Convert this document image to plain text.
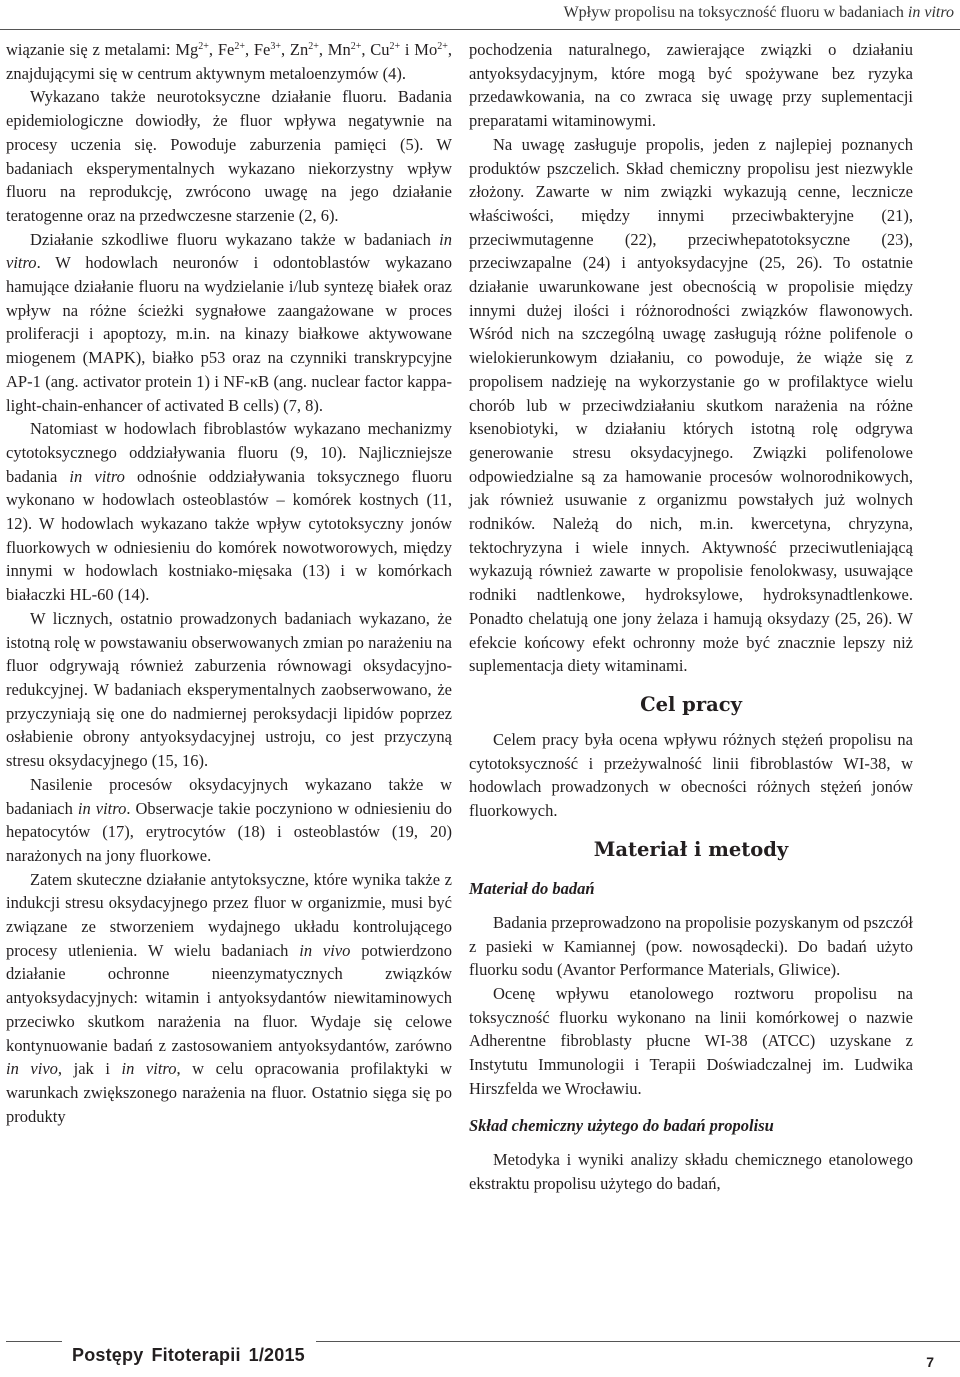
Wpływ propolisu na toksyczność fluoru w badaniach in vitro

wiązanie się z metalami: $Mg^{2+}$, $Fe^{2+}$, $Fe^{3+}$, $Zn^{2+}$, $Mn^{2+}$, $Cu^{2+}$ i $Mo^{2+}$, znajdującymi się w centrum aktywnym metaloenzymów (4).

Wykazano także neurotoksyczne działanie fluoru. Badania epidemiologiczne dowiodły, że fluor wpływa negatywnie na procesy uczenia się. Powoduje zaburzenia pamięci (5). W badaniach eksperymentalnych wykazano niekorzystny wpływ fluoru na reprodukcję, zwrócono uwagę na jego działanie teratogenne oraz na przedwczesne starzenie (2, 6).

Działanie szkodliwe fluoru wykazano także w badaniach in vitro. W hodowlach neuronów i odontoblastów wykazano hamujące działanie fluoru na wydzielanie i/lub syntezę białek oraz wpływ na różne ścieżki sygnałowe zaangażowane w proces proliferacji i apoptozy, m.in. na kinazy białkowe aktywowane miogenem (MAPK), białko p53 oraz na czynniki transkrypcyjne AP-1 (ang. activator protein 1) i NF-κB (ang. nuclear factor kappa-light-chain-enhancer of activated B cells) (7, 8).

Natomiast w hodowlach fibroblastów wykazano mechanizmy cytotoksycznego oddziaływania fluoru (9, 10). Najliczniejsze badania in vitro odnośnie oddziaływania toksycznego fluoru wykonano w hodowlach osteoblastów – komórek kostnych (11, 12). W hodowlach wykazano także wpływ cytotoksyczny jonów fluorkowych w odniesieniu do komórek nowotworowych, między innymi w hodowlach kostniako-mięsaka (13) i w komórkach białaczki HL-60 (14).

W licznych, ostatnio prowadzonych badaniach wykazano, że istotną rolę w powstawaniu obserwowanych zmian po narażeniu na fluor odgrywają również zaburzenia równowagi oksydacyjno-redukcyjnej. W badaniach eksperymentalnych zaobserwowano, że przyczyniają się one do nadmiernej peroksydacji lipidów poprzez osłabienie obrony antyoksydacyjnej ustroju, co jest przyczyną stresu oksydacyjnego (15, 16).

Nasilenie procesów oksydacyjnych wykazano także w badaniach in vitro. Obserwacje takie poczyniono w odniesieniu do hepatocytów (17), erytrocytów (18) i osteoblastów (19, 20) narażonych na jony fluorkowe.

Zatem skuteczne działanie antytoksyczne, które wynika także z indukcji stresu oksydacyjnego przez fluor w organizmie, musi być związane ze stworzeniem wydajnego układu kontrolującego procesy utlenienia. W wielu badaniach in vivo potwierdzono działanie ochronne nieenzymatycznych związków antyoksydacyjnych: witamin i antyoksydantów niewitaminowych przeciwko skutkom narażenia na fluor. Wydaje się celowe kontynuowanie badań z zastosowaniem antyoksydantów, zarówno in vivo, jak i in vitro, w celu opracowania profilaktyki w warunkach zwiększonego narażenia na fluor. Ostatnio sięga się po produkty

pochodzenia naturalnego, zawierające związki o działaniu antyoksydacyjnym, które mogą być spożywane bez ryzyka przedawkowania, na co zwraca się uwagę przy suplementacji preparatami witaminowymi.

Na uwagę zasługuje propolis, jeden z najlepiej poznanych produktów pszczelich. Skład chemiczny propolisu jest niezwykle złożony. Zawarte w nim związki wykazują cenne, lecznicze właściwości, między innymi przeciwbakteryjne (21), przeciwmutagenne (22), przeciwhepatotoksyczne (23), przeciwzapalne (24) i antyoksydacyjne (25, 26). To ostatnie działanie uwarunkowane jest obecnością w propolisie między innymi dużej ilości i różnorodności związków flawonowych. Wśród nich na szczególną uwagę zasługują różne polifenole o wielokierunkowym działaniu, co powoduje, że wiąże się z propolisem nadzieję na wykorzystanie go w profilaktyce wielu chorób lub w przeciwdziałaniu skutkom narażenia na różne ksenobiotyki, w działaniu których istotną rolę odgrywa generowanie stresu oksydacyjnego. Związki polifenolowe odpowiedzialne są za hamowanie procesów wolnorodnikowych, jak również usuwanie z organizmu powstałych już wolnych rodników. Należą do nich, m.in. kwercetyna, chryzyna, tektochryzyna i wiele innych. Aktywność przeciwutleniającą wykazują również zawarte w propolisie fenolokwasy, usuwające rodniki nadtlenkowe, hydroksylowe, hydroksynadtlenkowe. Ponadto chelatują one jony żelaza i hamują oksydazy (25, 26). W efekcie końcowy efekt ochronny może być znacznie lepszy niż suplementacja diety witaminami.

Cel pracy

Celem pracy była ocena wpływu różnych stężeń propolisu na cytotoksyczność i przeżywalność linii fibroblastów WI-38, w hodowlach prowadzonych w obecności różnych stężeń jonów fluorkowych.

Materiał i metody
Materiał do badań

Badania przeprowadzono na propolisie pozyskanym od pszczół z pasieki w Kamiannej (pow. nowosądecki). Do badań użyto fluorku sodu (Avantor Performance Materials, Gliwice).

Ocenę wpływu etanolowego roztworu propolisu na toksyczność fluorku wykonano na linii komórkowej o nazwie Adherentne fibroblasty płucne WI-38 (ATCC) uzyskane z Instytutu Immunologii i Terapii Doświadczalnej im. Ludwika Hirszfelda we Wrocławiu.

Skład chemiczny użytego do badań propolisu

Metodyka i wyniki analizy składu chemicznego etanolowego ekstraktu propolisu użytego do badań,

Postępy Fitoterapii 1/2015	7
